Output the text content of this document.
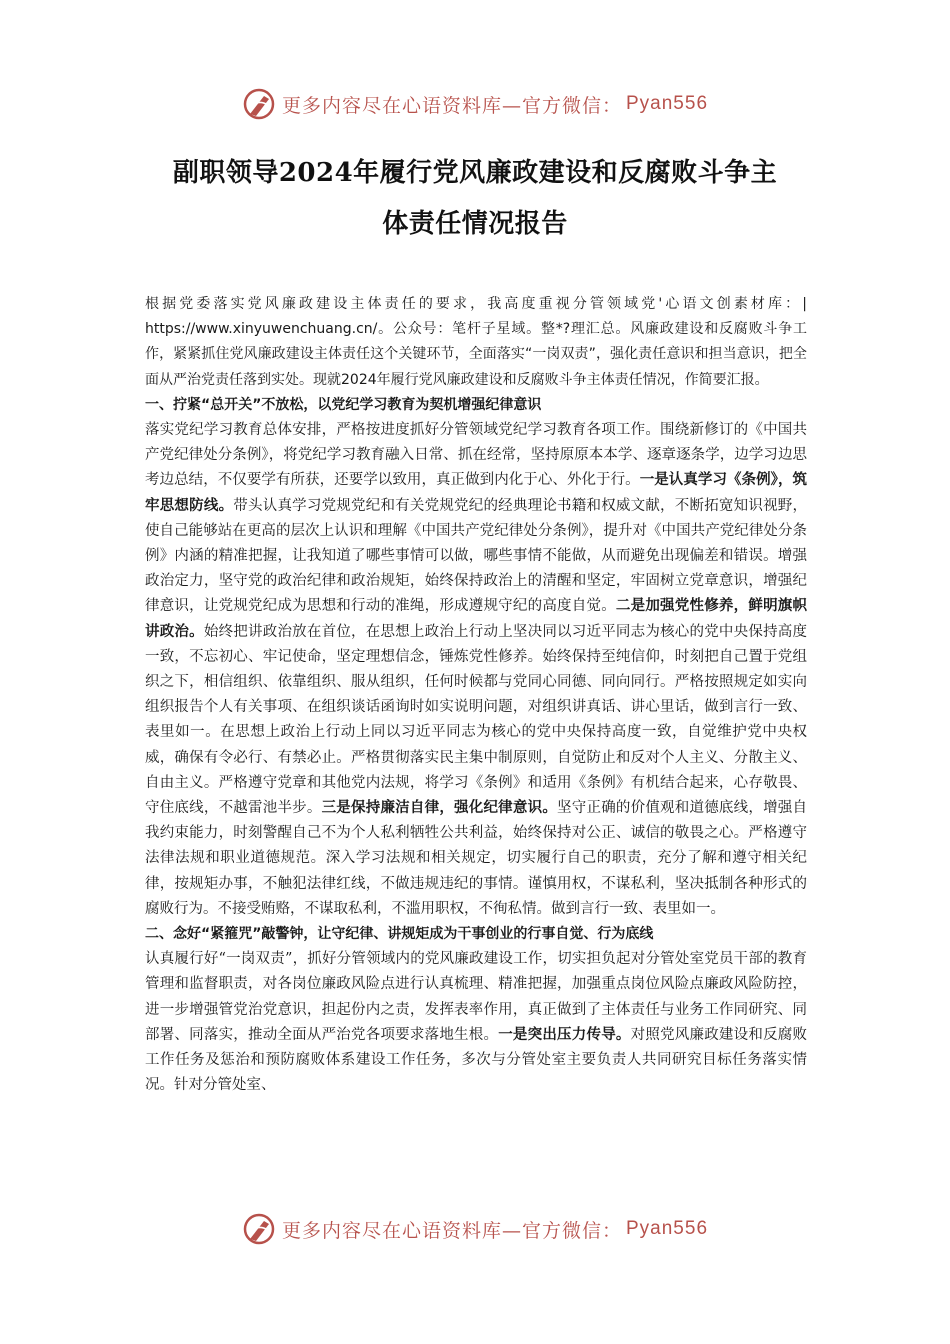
更多内容尽在心语资料库—官方微信： Pyan556
副职领导2024年履行党风廉政建设和反腐败斗争主
体责任情况报告

根据党委落实党风廉政建设主体责任的要求，我高度重视分管领域党'心语文创素材库：| https://www.xinyuwenchuang.cn/。公众号：笔杆子星域。整*?理汇总。风廉政建设和反腐败斗争工作，紧紧抓住党风廉政建设主体责任这个关键环节，全面落实“一岗双责”，强化责任意识和担当意识，把全面从严治党责任落到实处。现就2024年履行党风廉政建设和反腐败斗争主体责任情况，作简要汇报。

一、拧紧“总开关”不放松，以党纪学习教育为契机增强纪律意识

落实党纪学习教育总体安排，严格按进度抓好分管领域党纪学习教育各项工作。围绕新修订的《中国共产党纪律处分条例》，将党纪学习教育融入日常、抓在经常，坚持原原本本学、逐章逐条学，边学习边思考边总结，不仅要学有所获，还要学以致用，真正做到内化于心、外化于行。一是认真学习《条例》，筑牢思想防线。带头认真学习党规党纪和有关党规党纪的经典理论书籍和权威文献，不断拓宽知识视野，使自己能够站在更高的层次上认识和理解《中国共产党纪律处分条例》，提升对《中国共产党纪律处分条例》内涵的精准把握，让我知道了哪些事情可以做，哪些事情不能做，从而避免出现偏差和错误。增强政治定力，坚守党的政治纪律和政治规矩，始终保持政治上的清醒和坚定，牢固树立党章意识，增强纪律意识，让党规党纪成为思想和行动的准绳，形成遵规守纪的高度自觉。二是加强党性修养，鲜明旗帜讲政治。始终把讲政治放在首位，在思想上政治上行动上坚决同以习近平同志为核心的党中央保持高度一致，不忘初心、牢记使命，坚定理想信念，锤炼党性修养。始终保持至纯信仰，时刻把自己置于党组织之下，相信组织、依靠组织、服从组织，任何时候都与党同心同德、同向同行。严格按照规定如实向组织报告个人有关事项、在组织谈话函询时如实说明问题，对组织讲真话、讲心里话，做到言行一致、表里如一。在思想上政治上行动上同以习近平同志为核心的党中央保持高度一致，自觉维护党中央权威，确保有令必行、有禁必止。严格贯彻落实民主集中制原则，自觉防止和反对个人主义、分散主义、自由主义。严格遵守党章和其他党内法规，将学习《条例》和适用《条例》有机结合起来，心存敬畏、守住底线，不越雷池半步。三是保持廉洁自律，强化纪律意识。坚守正确的价值观和道德底线，增强自我约束能力，时刻警醒自己不为个人私利牺牲公共利益，始终保持对公正、诚信的敬畏之心。严格遵守法律法规和职业道德规范。深入学习法规和相关规定，切实履行自己的职责，充分了解和遵守相关纪律，按规矩办事，不触犯法律红线，不做违规违纪的事情。谨慎用权，不谋私利，坚决抵制各种形式的腐败行为。不接受贿赂，不谋取私利，不滥用职权，不徇私情。做到言行一致、表里如一。

二、念好“紧箍咒”敲警钟，让守纪律、讲规矩成为干事创业的行事自觉、行为底线

认真履行好“一岗双责”，抓好分管领域内的党风廉政建设工作，切实担负起对分管处室党员干部的教育管理和监督职责，对各岗位廉政风险点进行认真梳理、精准把握，加强重点岗位风险点廉政风险防控，进一步增强管党治党意识，担起份内之责，发挥表率作用，真正做到了主体责任与业务工作同研究、同部署、同落实，推动全面从严治党各项要求落地生根。一是突出压力传导。对照党风廉政建设和反腐败工作任务及惩治和预防腐败体系建设工作任务，多次与分管处室主要负责人共同研究目标任务落实情况。针对分管处室、

更多内容尽在心语资料库—官方微信： Pyan556
